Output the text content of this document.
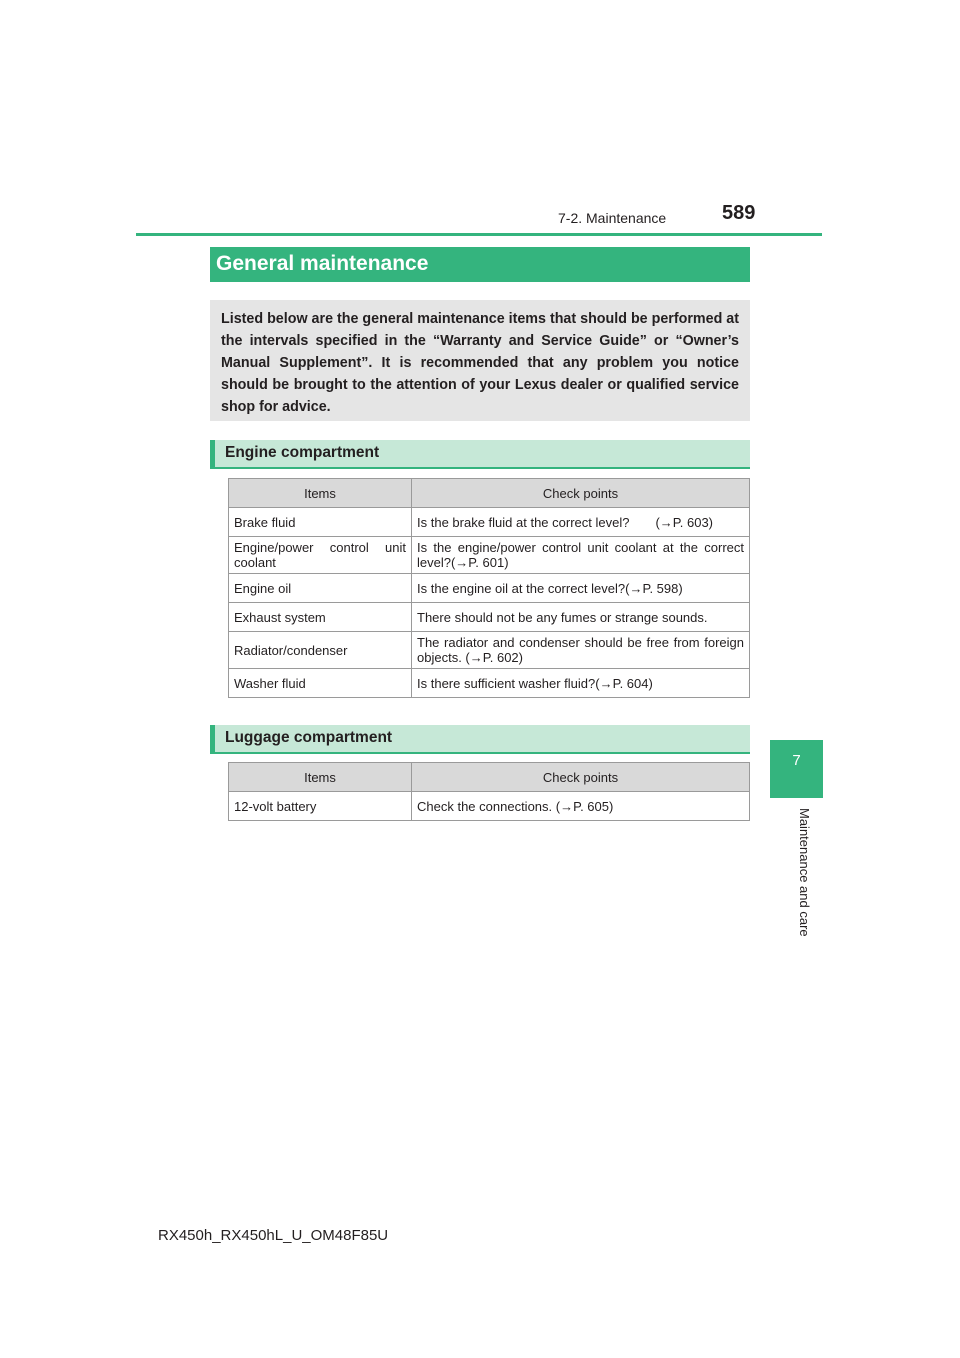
7-2. Maintenance	589
7
Maintenance and care
General maintenance

Listed below are the general maintenance items that should be performed at the intervals specified in the “Warranty and Service Guide” or “Owner’s Manual Supplement”. It is recommended that any problem you notice should be brought to the attention of your Lexus dealer or qualified service shop for advice.

Engine compartment
Items	Check points
Brake fluid	Is the brake fluid at the correct level?  (→P. 603)
Engine/power control unit coolant	Is the engine/power control unit coolant at the correct level?(→P. 601)
Engine oil	Is the engine oil at the correct level?(→P. 598)
Exhaust system	There should not be any fumes or strange sounds.
Radiator/condenser	The radiator and condenser should be free from foreign objects. (→P. 602)
Washer fluid	Is there sufficient washer fluid?(→P. 604)
Luggage compartment
Items	Check points
12-volt battery	Check the connections. (→P. 605)
RX450h_RX450hL_U_OM48F85U
